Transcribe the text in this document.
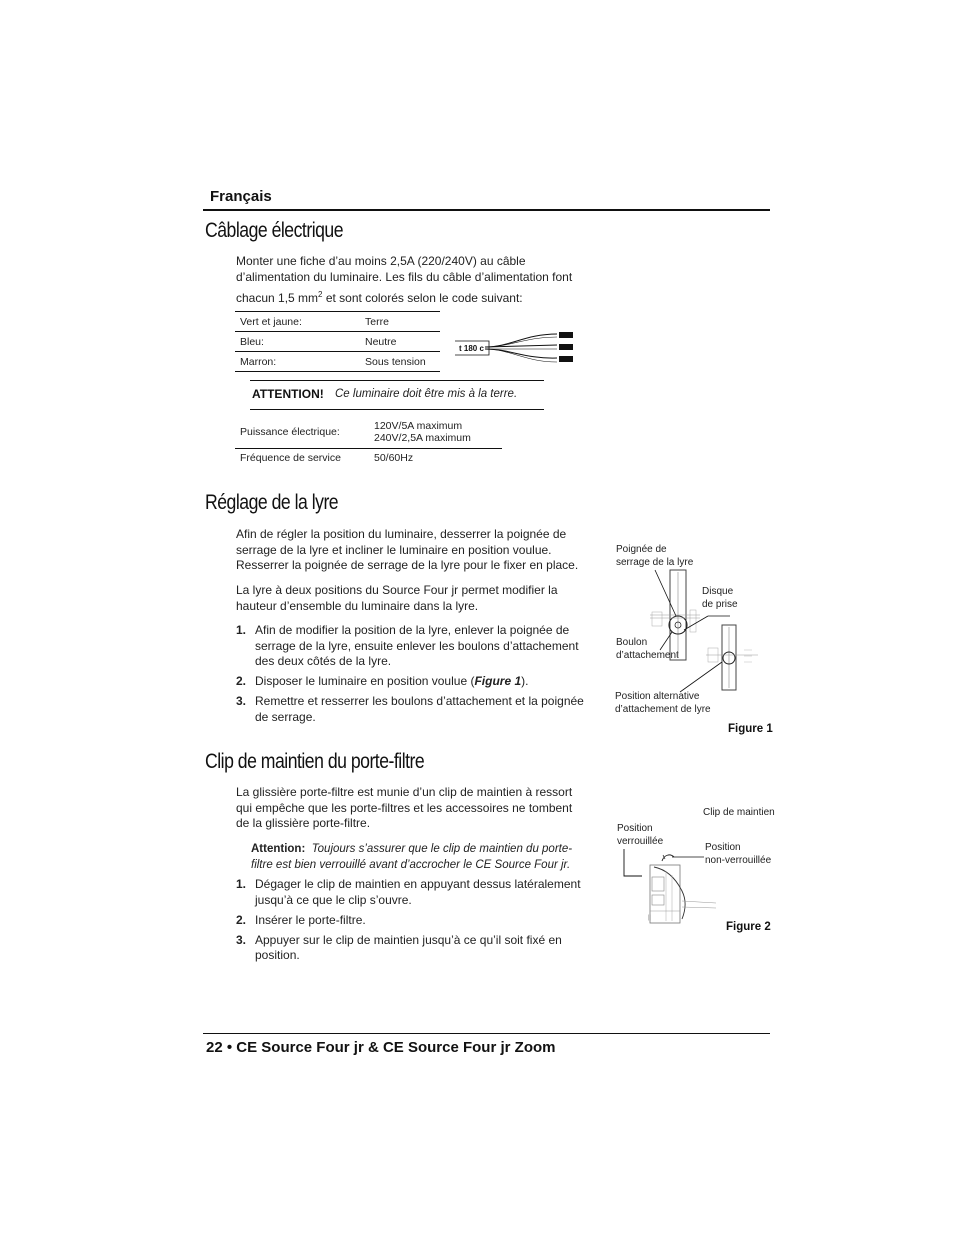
Français
Câblage électrique
Monter une fiche d’au moins 2,5A (220/240V) au câble
d’alimentation du luminaire. Les fils du câble d’alimentation font
chacun 1,5 $mm^2$ et sont colorés selon le code suivant:
Vert et jaune:	Terre
Bleu:	Neutre
Marron:	Sous tension
t 180 c
ATTENTION! Ce luminaire doit être mis à la terre.
Puissance électrique:	120V/5A maximum
240V/2,5A maximum

Fréquence de service	50/60Hz
Réglage de la lyre
Afin de régler la position du luminaire, desserrer la poignée de
serrage de la lyre et incliner le luminaire en position voulue.
Resserrer la poignée de serrage de la lyre pour le fixer en place.
La lyre à deux positions du Source Four jr permet modifier la
hauteur d’ensemble du luminaire dans la lyre.
1. Afin de modifier la position de la lyre, enlever la poignée de
serrage de la lyre, ensuite enlever les boulons d’attachement
des deux côtés de la lyre.
2. Disposer le luminaire en position voulue (Figure 1).
3. Remettre et resserrer les boulons d’attachement et la poignée
de serrage.
Poignée de
serrage de la lyre
Disque
de prise
Boulon
d’attachement
Position alternative
d’attachement de lyre
Figure 1
Clip de maintien du porte-filtre
La glissière porte-filtre est munie d’un clip de maintien à ressort
qui empêche que les porte-filtres et les accessoires ne tombent
de la glissière porte-filtre.
Attention: Toujours s’assurer que le clip de maintien du porte-
filtre est bien verrouillé avant d’accrocher le CE Source Four jr.
1. Dégager le clip de maintien en appuyant dessus latéralement
jusqu’à ce que le clip s’ouvre.
2. Insérer le porte-filtre.
3. Appuyer sur le clip de maintien jusqu’à ce qu’il soit fixé en
position.
Clip de maintien
Position
verrouillée
Position
non-verrouillée
||
Figure 2
22 • CE Source Four jr & CE Source Four jr Zoom
